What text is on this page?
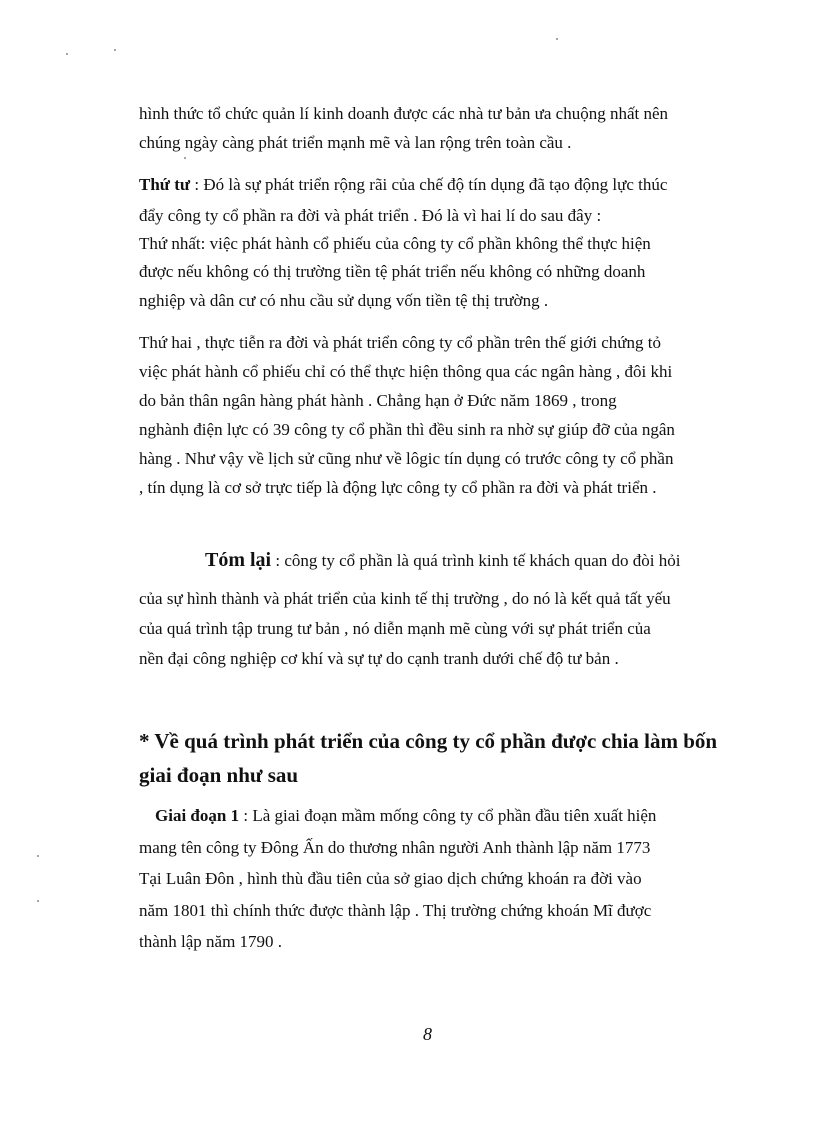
hình thức tổ chức quản lí kinh doanh được các nhà tư bản ưa chuộng nhất nên
chúng ngày càng phát triển mạnh mẽ và lan rộng trên toàn cầu .
Thứ tư : Đó là sự phát triển rộng rãi của chế độ tín dụng đã tạo động lực thúc
đẩy công ty cổ phần ra đời và phát triển . Đó là vì hai lí do sau đây :
Thứ nhất: việc phát hành cổ phiếu của công ty cổ phần không thể thực hiện
được nếu không có thị trường tiền tệ phát triển nếu không có những doanh
nghiệp và dân cư có nhu cầu sử dụng vốn tiền tệ thị trường .
Thứ hai , thực tiễn ra đời và phát triển công ty cổ phần trên thế giới chứng tỏ
việc phát hành cổ phiếu chỉ có thể thực hiện thông qua các ngân hàng , đôi khi
do bản thân ngân hàng phát hành . Chẳng hạn ở Đức năm 1869 , trong
nghành điện lực có 39 công ty cổ phần thì đều sinh ra nhờ sự giúp đỡ của ngân
hàng . Như vậy về lịch sử cũng như về lôgic tín dụng có trước công ty cổ phần
, tín dụng là cơ sở trực tiếp là động lực công ty cổ phần ra đời và phát triển .
Tóm lại : công ty cổ phần là quá trình kinh tế khách quan do đòi hỏi
của sự hình thành và phát triển của kinh tế thị trường , do nó là kết quả tất yếu
của quá trình tập trung tư bản , nó diễn mạnh mẽ cùng với sự phát triển của
nền đại công nghiệp cơ khí và sự tự do cạnh tranh dưới chế độ tư bản .
* Về quá trình phát triển của công ty cổ phần được chia làm bốn
giai đoạn như sau
Giai đoạn 1 : Là giai đoạn mầm mống công ty cổ phần đầu tiên xuất hiện
mang tên công ty Đông Ấn do thương nhân người Anh thành lập năm 1773
Tại Luân Đôn , hình thù đầu tiên của sở giao dịch chứng khoán ra đời vào
năm 1801 thì chính thức được thành lập . Thị trường chứng khoán Mĩ được
thành lập năm 1790 .
8
